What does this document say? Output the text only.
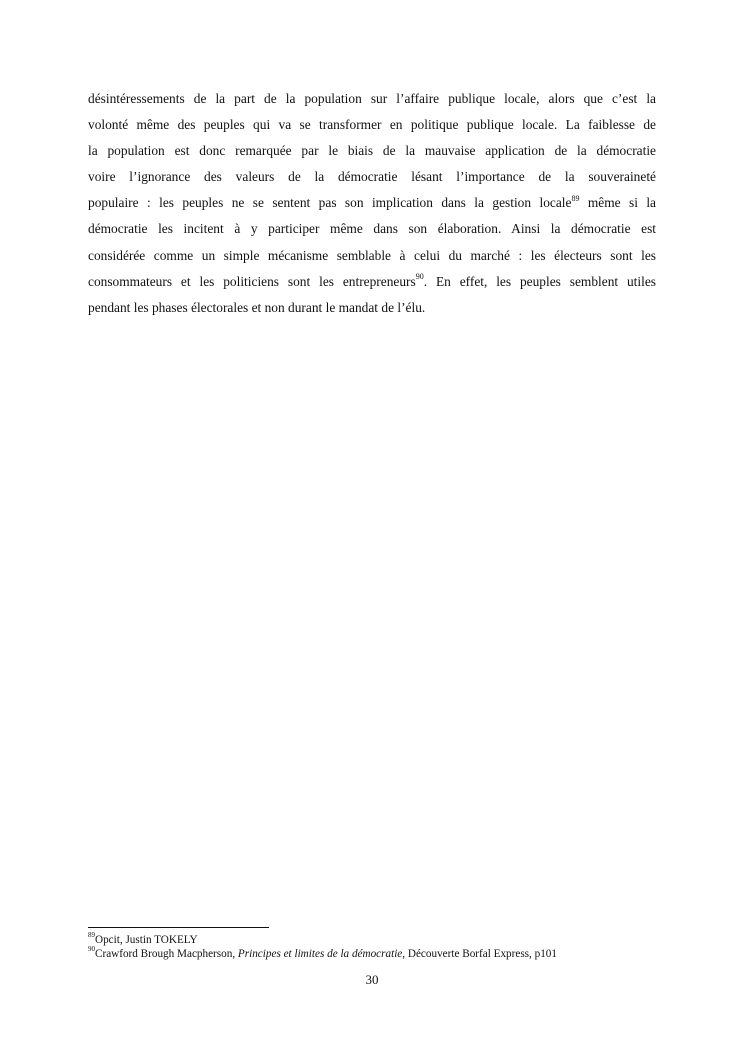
désintéressements de la part de la population sur l’affaire publique locale, alors que c’est la
volonté même des peuples qui va se transformer en politique publique locale. La faiblesse de
la population est donc remarquée par le biais de la mauvaise application de la démocratie
voire l’ignorance des valeurs de la démocratie lésant l’importance de la souveraineté
populaire : les peuples ne se sentent pas son implication dans la gestion locale$^{89}$ même si la
démocratie les incitent à y participer même dans son élaboration. Ainsi la démocratie est
considérée comme un simple mécanisme semblable à celui du marché : les électeurs sont les
consommateurs et les politiciens sont les entrepreneurs$^{90}$. En effet, les peuples semblent utiles
pendant les phases électorales et non durant le mandat de l’élu.
$^{89}$Opcit, Justin TOKELY
$^{90}$Crawford Brough Macpherson, Principes et limites de la démocratie, Découverte Borfal Express, p101
30
